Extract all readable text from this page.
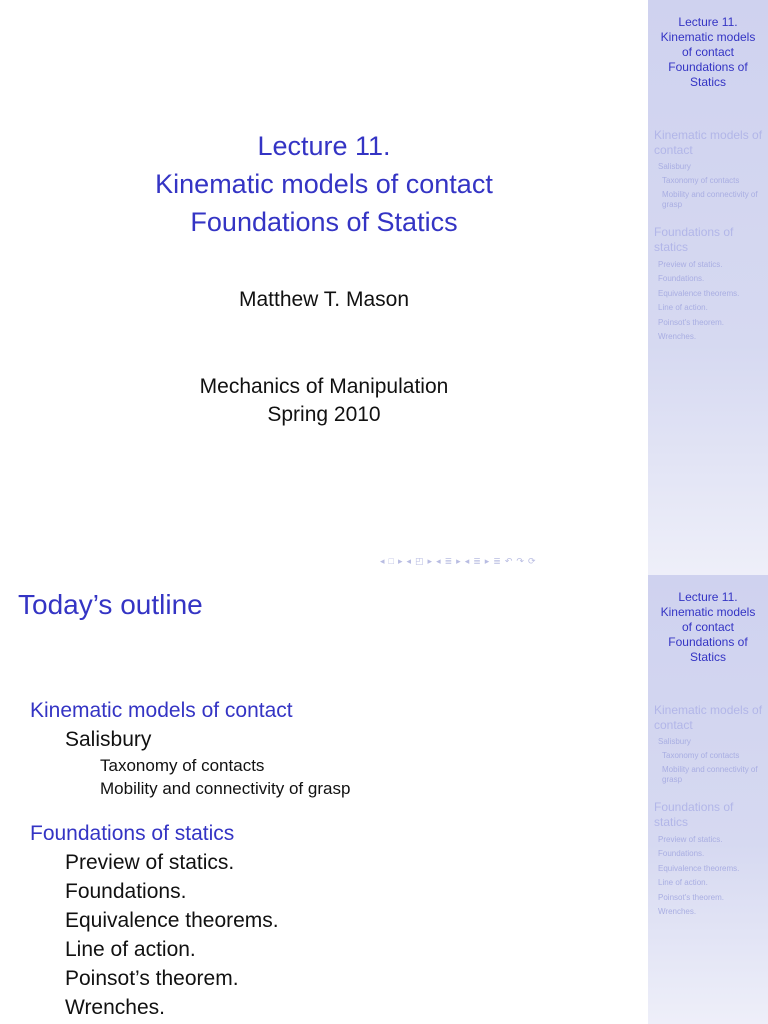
Lecture 11.
Kinematic models
of contact
Foundations of
Statics
Kinematic models of contact
Salisbury
Taxonomy of contacts
Mobility and connectivity of grasp
Foundations of statics
Preview of statics.
Foundations.
Equivalence theorems.
Line of action.
Poinsot's theorem.
Wrenches.
Lecture 11.
Kinematic models of contact
Foundations of Statics
Matthew T. Mason
Mechanics of Manipulation
Spring 2010
◂ □ ▸ ◂ ◰ ▸ ◂ ≣ ▸ ◂ ≣ ▸ ≣ ↶ ↷ ⟳
Lecture 11.
Kinematic models
of contact
Foundations of
Statics
Kinematic models of contact
Salisbury
Taxonomy of contacts
Mobility and connectivity of grasp
Foundations of statics
Preview of statics.
Foundations.
Equivalence theorems.
Line of action.
Poinsot's theorem.
Wrenches.
Today’s outline
Kinematic models of contact
Salisbury
Taxonomy of contacts
Mobility and connectivity of grasp
Foundations of statics
Preview of statics.
Foundations.
Equivalence theorems.
Line of action.
Poinsot’s theorem.
Wrenches.
